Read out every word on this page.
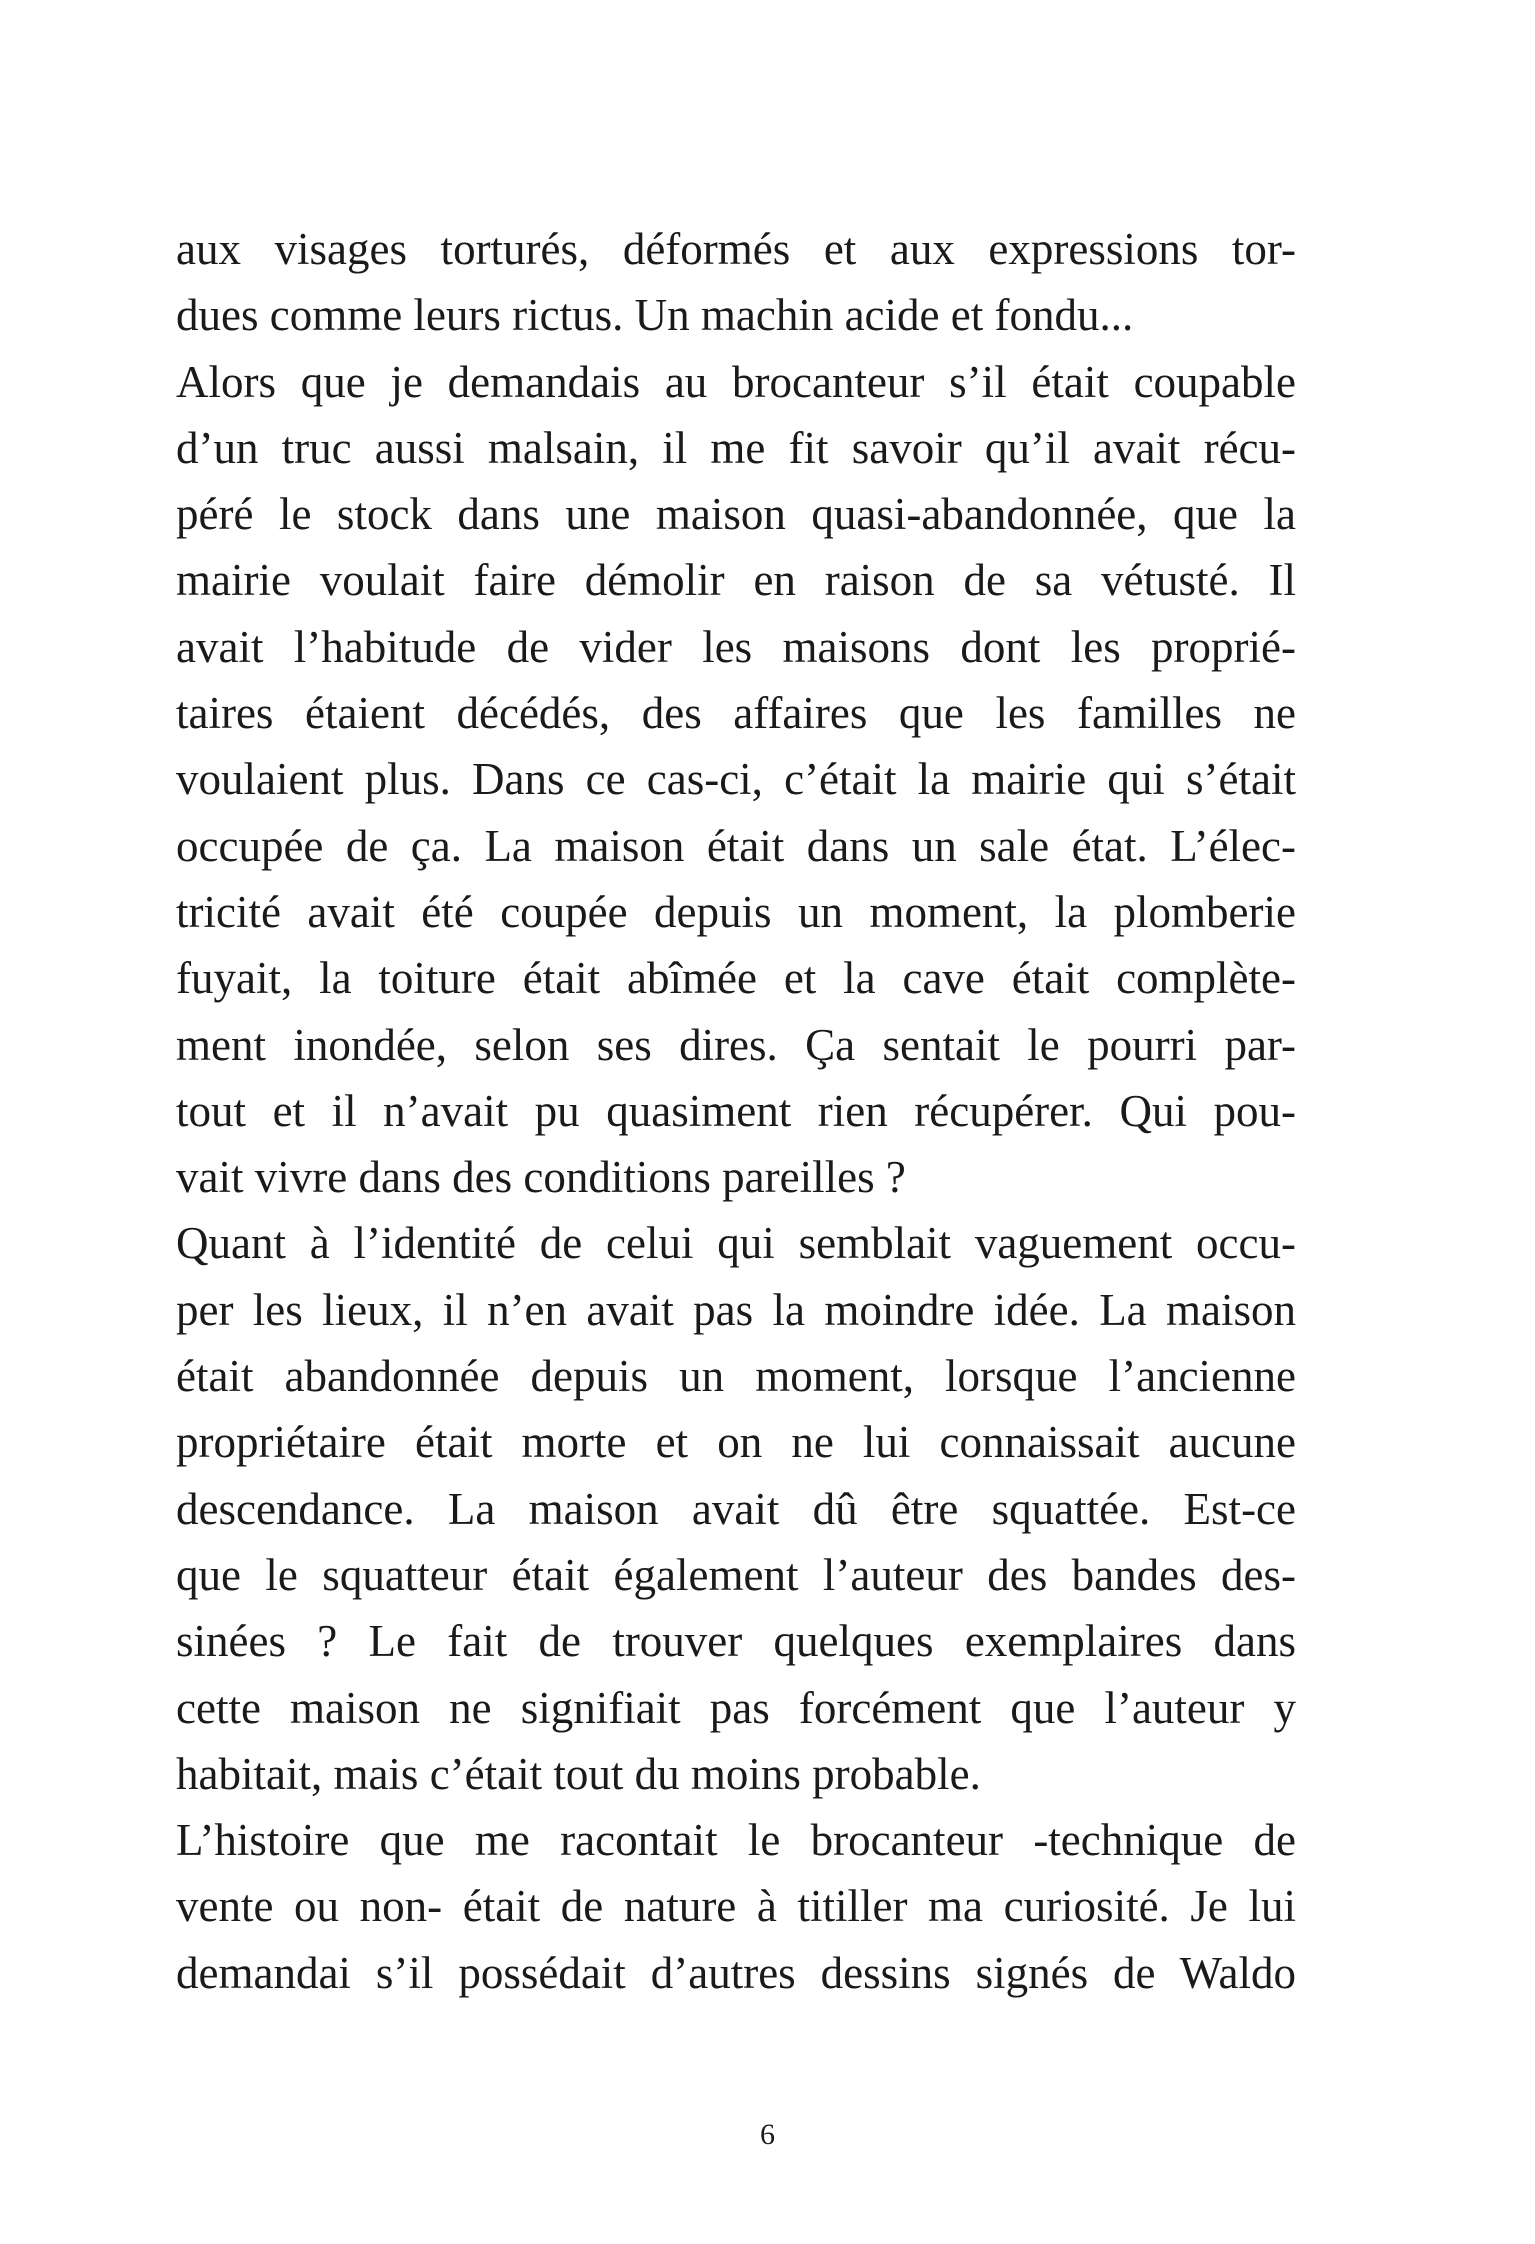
aux visages torturés, déformés et aux expressions tor-
dues comme leurs rictus. Un machin acide et fondu...
Alors que je demandais au brocanteur s’il était coupable
d’un truc aussi malsain, il me fit savoir qu’il avait récu-
péré le stock dans une maison quasi-abandonnée, que la
mairie voulait faire démolir en raison de sa vétusté. Il
avait l’habitude de vider les maisons dont les proprié-
taires étaient décédés, des affaires que les familles ne
voulaient plus. Dans ce cas-ci, c’était la mairie qui s’était
occupée de ça. La maison était dans un sale état. L’élec-
tricité avait été coupée depuis un moment, la plomberie
fuyait, la toiture était abîmée et la cave était complète-
ment inondée, selon ses dires. Ça sentait le pourri par-
tout et il n’avait pu quasiment rien récupérer. Qui pou-
vait vivre dans des conditions pareilles ?
Quant à l’identité de celui qui semblait vaguement occu-
per les lieux, il n’en avait pas la moindre idée. La maison
était abandonnée depuis un moment, lorsque l’ancienne
propriétaire était morte et on ne lui connaissait aucune
descendance. La maison avait dû être squattée. Est-ce
que le squatteur était également l’auteur des bandes des-
sinées ? Le fait de trouver quelques exemplaires dans
cette maison ne signifiait pas forcément que l’auteur y
habitait, mais c’était tout du moins probable.
L’histoire que me racontait le brocanteur -technique de
vente ou non- était de nature à titiller ma curiosité. Je lui
demandai s’il possédait d’autres dessins signés de Waldo
6
